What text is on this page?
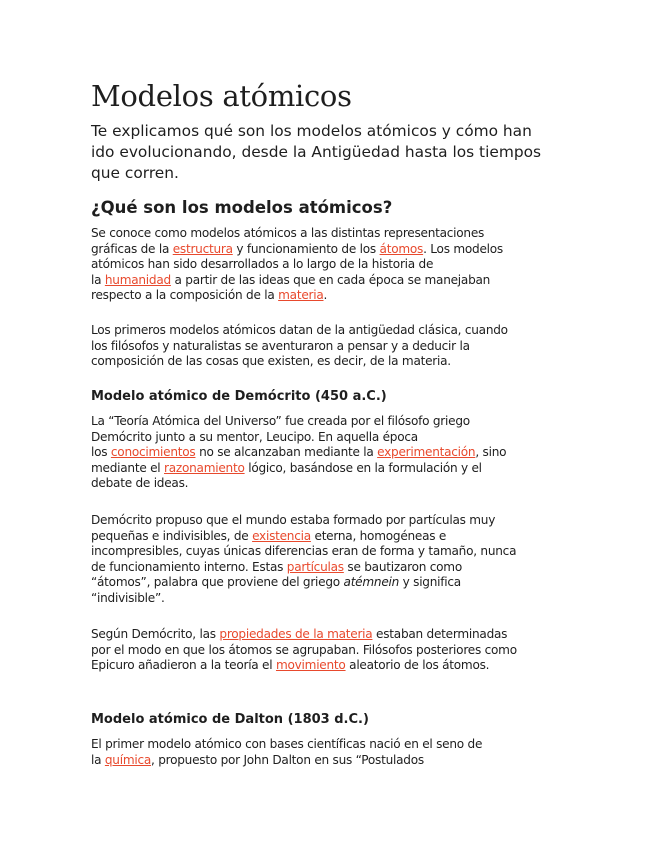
Modelos atómicos

Te explicamos qué son los modelos atómicos y cómo han
ido evolucionando, desde la Antigüedad hasta los tiempos
que corren.

¿Qué son los modelos atómicos?

Se conoce como modelos atómicos a las distintas representaciones
gráficas de la estructura y funcionamiento de los átomos. Los modelos
atómicos han sido desarrollados a lo largo de la historia de
la humanidad a partir de las ideas que en cada época se manejaban
respecto a la composición de la materia.

Los primeros modelos atómicos datan de la antigüedad clásica, cuando
los filósofos y naturalistas se aventuraron a pensar y a deducir la
composición de las cosas que existen, es decir, de la materia.

Modelo atómico de Demócrito (450 a.C.)

La “Teoría Atómica del Universo” fue creada por el filósofo griego
Demócrito junto a su mentor, Leucipo. En aquella época
los conocimientos no se alcanzaban mediante la experimentación, sino
mediante el razonamiento lógico, basándose en la formulación y el
debate de ideas.

Demócrito propuso que el mundo estaba formado por partículas muy
pequeñas e indivisibles, de existencia eterna, homogéneas e
incompresibles, cuyas únicas diferencias eran de forma y tamaño, nunca
de funcionamiento interno. Estas partículas se bautizaron como
“átomos”, palabra que proviene del griego atémnein y significa
“indivisible”.

Según Demócrito, las propiedades de la materia estaban determinadas
por el modo en que los átomos se agrupaban. Filósofos posteriores como
Epicuro añadieron a la teoría el movimiento aleatorio de los átomos.

Modelo atómico de Dalton (1803 d.C.)

El primer modelo atómico con bases científicas nació en el seno de
la química, propuesto por John Dalton en sus “Postulados
